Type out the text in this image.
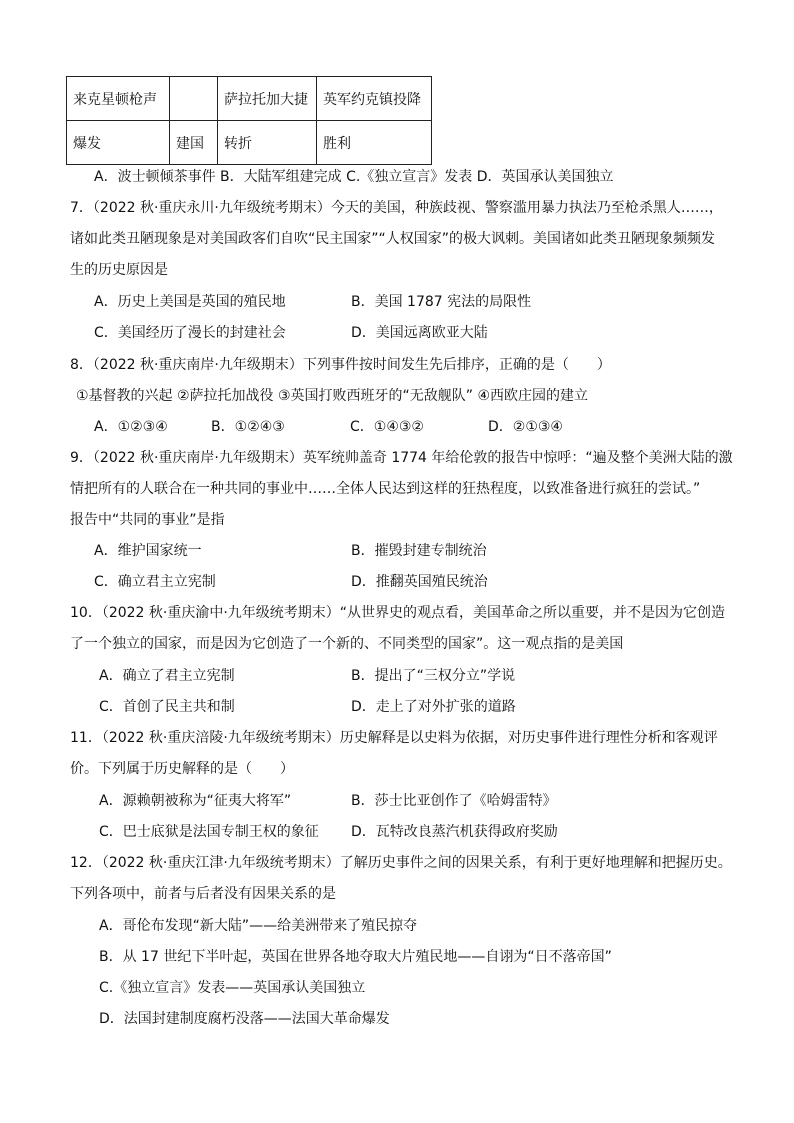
来克星顿枪声		萨拉托加大捷	英军约克镇投降
爆发	建国	转折	胜利
A．波士顿倾茶事件 B．大陆军组建完成 C.《独立宣言》发表 D．英国承认美国独立
7．（2022 秋·重庆永川·九年级统考期末）今天的美国，种族歧视、警察滥用暴力执法乃至枪杀黑人……，
诸如此类丑陋现象是对美国政客们自吹“民主国家”“人权国家”的极大讽刺。美国诸如此类丑陋现象频频发
生的历史原因是
A．历史上美国是英国的殖民地	B．美国 1787 宪法的局限性
C．美国经历了漫长的封建社会	D．美国远离欧亚大陆
8．（2022 秋·重庆南岸·九年级期末）下列事件按时间发生先后排序，正确的是（　　）
①基督教的兴起 ②萨拉托加战役 ③英国打败西班牙的“无敌舰队” ④西欧庄园的建立
A．①②③④	B．①②④③	C．①④③②	D．②①③④
9．（2022 秋·重庆南岸·九年级期末）英军统帅盖奇 1774 年给伦敦的报告中惊呼：“遍及整个美洲大陆的激
情把所有的人联合在一种共同的事业中……全体人民达到这样的狂热程度，以致准备进行疯狂的尝试。”
报告中“共同的事业”是指
A．维护国家统一	B．摧毁封建专制统治
C．确立君主立宪制	D．推翻英国殖民统治
10．（2022 秋·重庆渝中·九年级统考期末）“从世界史的观点看，美国革命之所以重要，并不是因为它创造
了一个独立的国家，而是因为它创造了一个新的、不同类型的国家”。这一观点指的是美国
A．确立了君主立宪制	B．提出了“三权分立”学说
C．首创了民主共和制	D．走上了对外扩张的道路
11．（2022 秋·重庆涪陵·九年级统考期末）历史解释是以史料为依据，对历史事件进行理性分析和客观评
价。下列属于历史解释的是（　　）
A．源赖朝被称为“征夷大将军”	B．莎士比亚创作了《哈姆雷特》
C．巴士底狱是法国专制王权的象征 D．瓦特改良蒸汽机获得政府奖励
12．（2022 秋·重庆江津·九年级统考期末）了解历史事件之间的因果关系，有利于更好地理解和把握历史。
下列各项中，前者与后者没有因果关系的是
A．哥伦布发现“新大陆”——给美洲带来了殖民掠夺
B．从 17 世纪下半叶起，英国在世界各地夺取大片殖民地——自诩为“日不落帝国”
C.《独立宣言》发表——英国承认美国独立
D．法国封建制度腐朽没落——法国大革命爆发
